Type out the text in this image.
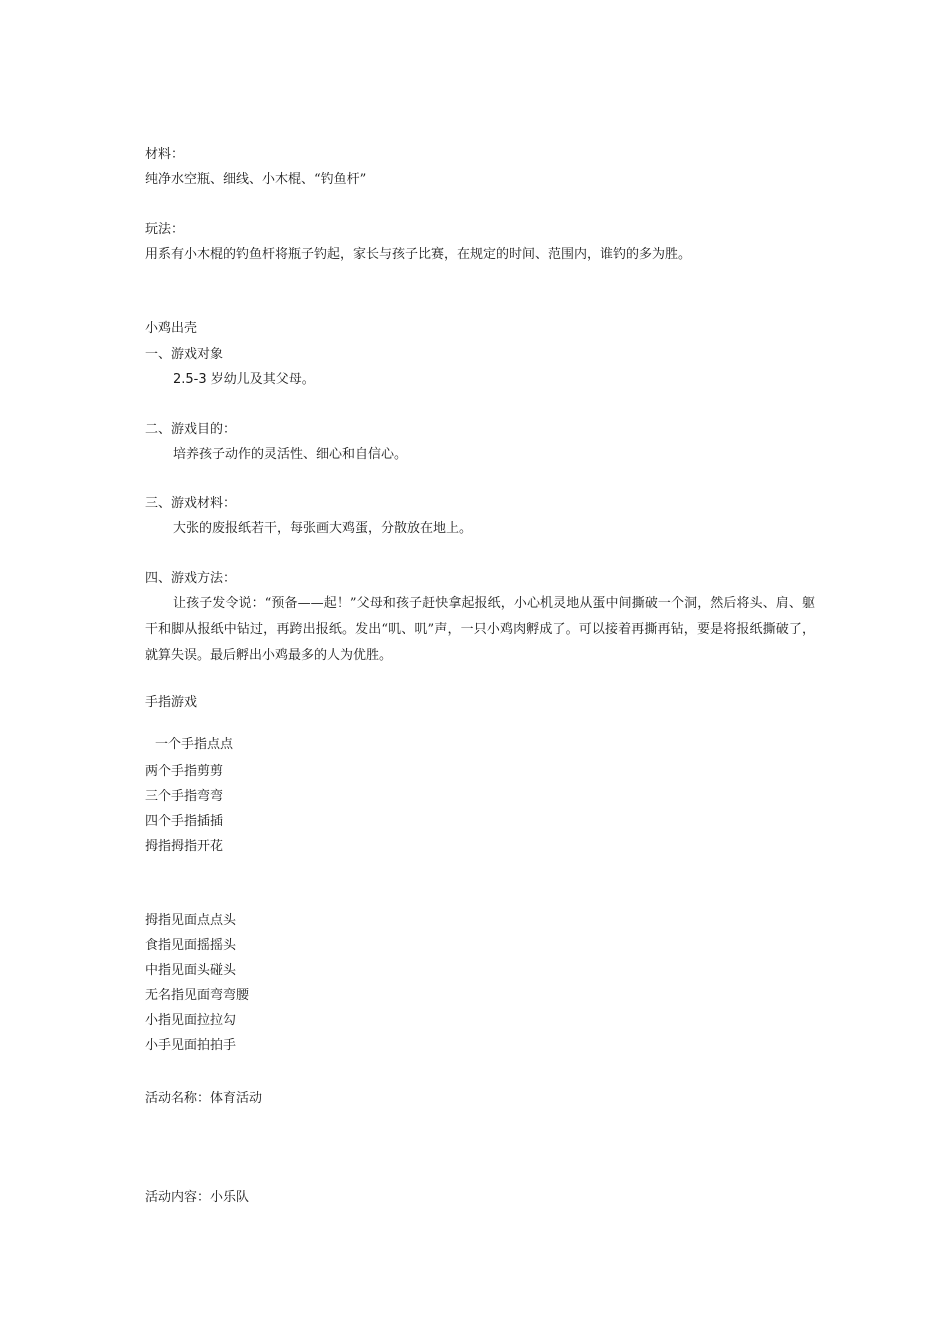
材料：
纯净水空瓶、细线、小木棍、“钓鱼杆”
玩法：
用系有小木棍的钓鱼杆将瓶子钓起，家长与孩子比赛，在规定的时间、范围内，谁钓的多为胜。
小鸡出壳
一、游戏对象
2.5-3 岁幼儿及其父母。
二、游戏目的：
培养孩子动作的灵活性、细心和自信心。
三、游戏材料：
大张的废报纸若干，每张画大鸡蛋，分散放在地上。
四、游戏方法：
让孩子发令说：“预备——起！”父母和孩子赶快拿起报纸，小心机灵地从蛋中间撕破一个洞，然后将头、肩、躯干和脚从报纸中钻过，再跨出报纸。发出“叽、叽”声，一只小鸡肉孵成了。可以接着再撕再钻，要是将报纸撕破了，就算失误。最后孵出小鸡最多的人为优胜。
手指游戏
一个手指点点
两个手指剪剪
三个手指弯弯
四个手指插插
拇指拇指开花
拇指见面点点头
食指见面摇摇头
中指见面头碰头
无名指见面弯弯腰
小指见面拉拉勾
小手见面拍拍手
活动名称：体育活动
活动内容：小乐队
